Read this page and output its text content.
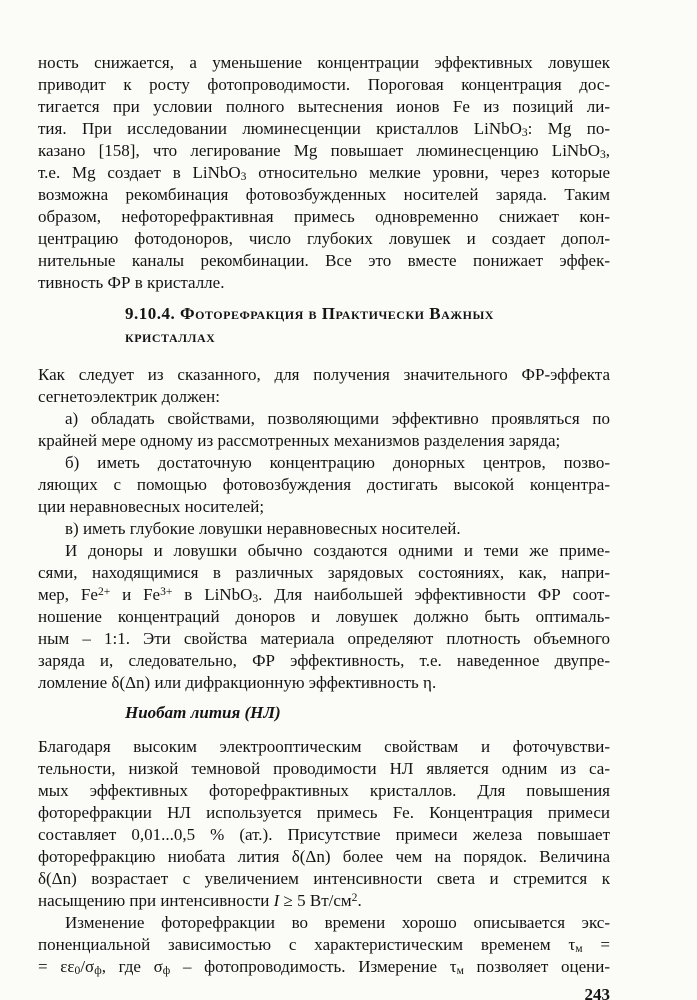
ность снижается, а уменьшение концентрации эффективных ловушек
приводит к росту фотопроводимости. Пороговая концентрация дос-
тигается при условии полного вытеснения ионов Fe из позиций ли-
тия. При исследовании люминесценции кристаллов LiNbO$_3$: Mg по-
казано [158], что легирование Mg повышает люминесценцию LiNbO$_3$,
т.е. Mg создает в LiNbO$_3$ относительно мелкие уровни, через которые
возможна рекомбинация фотовозбужденных носителей заряда. Таким
образом, нефоторефрактивная примесь одновременно снижает кон-
центрацию фотодоноров, число глубоких ловушек и создает допол-
нительные каналы рекомбинации. Все это вместе понижает эффек-
тивность ФР в кристалле.
9.10.4. Фоторефракция в Практически Важных
кристаллах
Как следует из сказанного, для получения значительного ФР-эффекта
сегнетоэлектрик должен:
а) обладать свойствами, позволяющими эффективно проявляться по
крайней мере одному из рассмотренных механизмов разделения заряда;
б) иметь достаточную концентрацию донорных центров, позво-
ляющих с помощью фотовозбуждения достигать высокой концентра-
ции неравновесных носителей;
в) иметь глубокие ловушки неравновесных носителей.
И доноры и ловушки обычно создаются одними и теми же приме-
сями, находящимися в различных зарядовых состояниях, как, напри-
мер, $Fe^{2+}$ и $Fe^{3+}$ в LiNbO$_3$. Для наибольшей эффективности ФР соот-
ношение концентраций доноров и ловушек должно быть оптималь-
ным – 1:1. Эти свойства материала определяют плотность объемного
заряда и, следовательно, ФР эффективность, т.е. наведенное двупре-
ломление δ(Δn) или дифракционную эффективность η.
Ниобат лития (НЛ)
Благодаря высоким электрооптическим свойствам и фоточувстви-
тельности, низкой темновой проводимости НЛ является одним из са-
мых эффективных фоторефрактивных кристаллов. Для повышения
фоторефракции НЛ используется примесь Fe. Концентрация примеси
составляет 0,01...0,5 % (ат.). Присутствие примеси железа повышает
фоторефракцию ниобата лития δ(Δn) более чем на порядок. Величина
δ(Δn) возрастает с увеличением интенсивности света и стремится к
насыщению при интенсивности I ≥ 5 $Вт/см^2$.
Изменение фоторефракции во времени хорошо описывается экс-
поненциальной зависимостью с характеристическим временем $\tau_м$ =
= $\varepsilon\varepsilon_0/\sigma_ф$, где $\sigma_ф$ – фотопроводимость. Измерение $\tau_м$ позволяет оцени-
243
